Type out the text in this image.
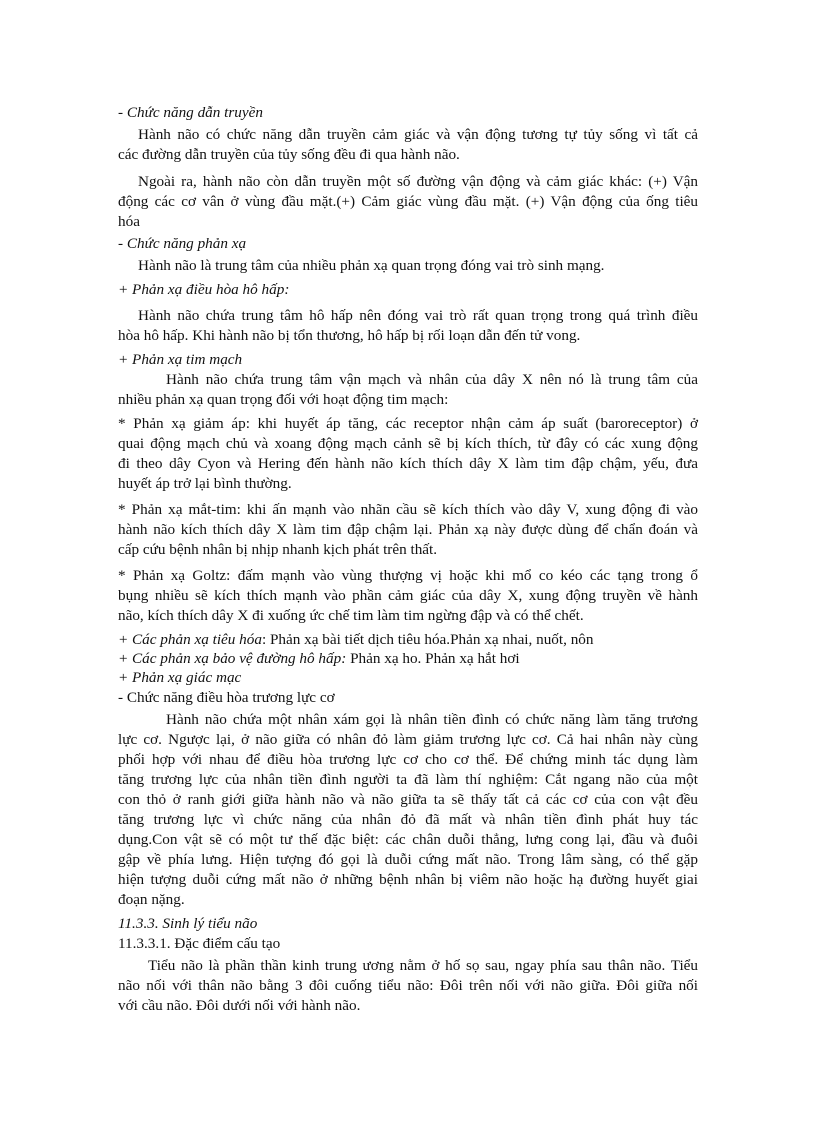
- Chức năng dẫn truyền
Hành não có chức năng dẫn truyền cảm giác và vận động tương tự tủy sống vì tất cả
các đường dẫn truyền của tủy sống đều đi qua hành não.
Ngoài ra, hành não còn dẫn truyền một số đường vận động và cảm giác khác: (+) Vận
động các cơ vân ở vùng đầu mặt.(+) Cảm giác vùng đầu mặt. (+) Vận động của ống tiêu
hóa
- Chức năng phản xạ
Hành não là trung tâm của nhiều phản xạ quan trọng đóng vai trò sinh mạng.
+ Phản xạ điều hòa hô hấp:
Hành não chứa trung tâm hô hấp nên đóng vai trò rất quan trọng trong quá trình điều
hòa hô hấp. Khi hành não bị tổn thương, hô hấp bị rối loạn dẫn đến tử vong.
+ Phản xạ tim mạch
Hành não chứa trung tâm vận mạch và nhân của dây X nên nó là trung tâm của
nhiều phản xạ quan trọng đối với hoạt động tim mạch:
* Phản xạ giảm áp: khi huyết áp tăng, các receptor nhận cảm áp suất (baroreceptor) ở
quai động mạch chủ và xoang động mạch cảnh sẽ bị kích thích, từ đây có các xung động
đi theo dây Cyon và Hering đến hành não kích thích dây X làm tim đập chậm, yếu, đưa
huyết áp trở lại bình thường.
* Phản xạ mắt-tim: khi ấn mạnh vào nhãn cầu sẽ kích thích vào dây V, xung động đi vào
hành não kích thích dây X làm tim đập chậm lại. Phản xạ này được dùng để chẩn đoán và
cấp cứu bệnh nhân bị nhịp nhanh kịch phát trên thất.
* Phản xạ Goltz: đấm mạnh vào vùng thượng vị hoặc khi mổ co kéo các tạng trong ổ
bụng nhiều sẽ kích thích mạnh vào phần cảm giác của dây X, xung động truyền về hành
não, kích thích dây X đi xuống ức chế tim làm tim ngừng đập và có thể chết.
+ Các phản xạ tiêu hóa: Phản xạ bài tiết dịch tiêu hóa.Phản xạ nhai, nuốt, nôn
+ Các phản xạ bảo vệ đường hô hấp: Phản xạ ho. Phản xạ hắt hơi
+ Phản xạ giác mạc
- Chức năng điều hòa trương lực cơ
Hành não chứa một nhân xám gọi là nhân tiền đình có chức năng làm tăng trương
lực cơ. Ngược lại, ở não giữa có nhân đỏ làm giảm trương lực cơ. Cả hai nhân này cùng
phối hợp với nhau để điều hòa trương lực cơ cho cơ thể. Để chứng minh tác dụng làm
tăng trương lực của nhân tiền đình người ta đã làm thí nghiệm: Cắt ngang não của một
con thỏ ở ranh giới giữa hành não và não giữa ta sẽ thấy tất cả các cơ của con vật đều
tăng trương lực vì chức năng của nhân đỏ đã mất và nhân tiền đình phát huy tác
dụng.Con vật sẽ có một tư thế đặc biệt: các chân duỗi thẳng, lưng cong lại, đầu và đuôi
gập về phía lưng. Hiện tượng đó gọi là duỗi cứng mất não. Trong lâm sàng, có thể gặp
hiện tượng duỗi cứng mất não ở những bệnh nhân bị viêm não hoặc hạ đường huyết giai
đoạn nặng.
11.3.3. Sinh lý tiểu não
11.3.3.1. Đặc điểm cấu tạo
Tiểu não là phần thần kinh trung ương nằm ở hố sọ sau, ngay phía sau thân não. Tiểu
não nối với thân não bằng 3 đôi cuống tiểu não: Đôi trên nối với não giữa. Đôi giữa nối
với cầu não. Đôi dưới nối với hành não.
